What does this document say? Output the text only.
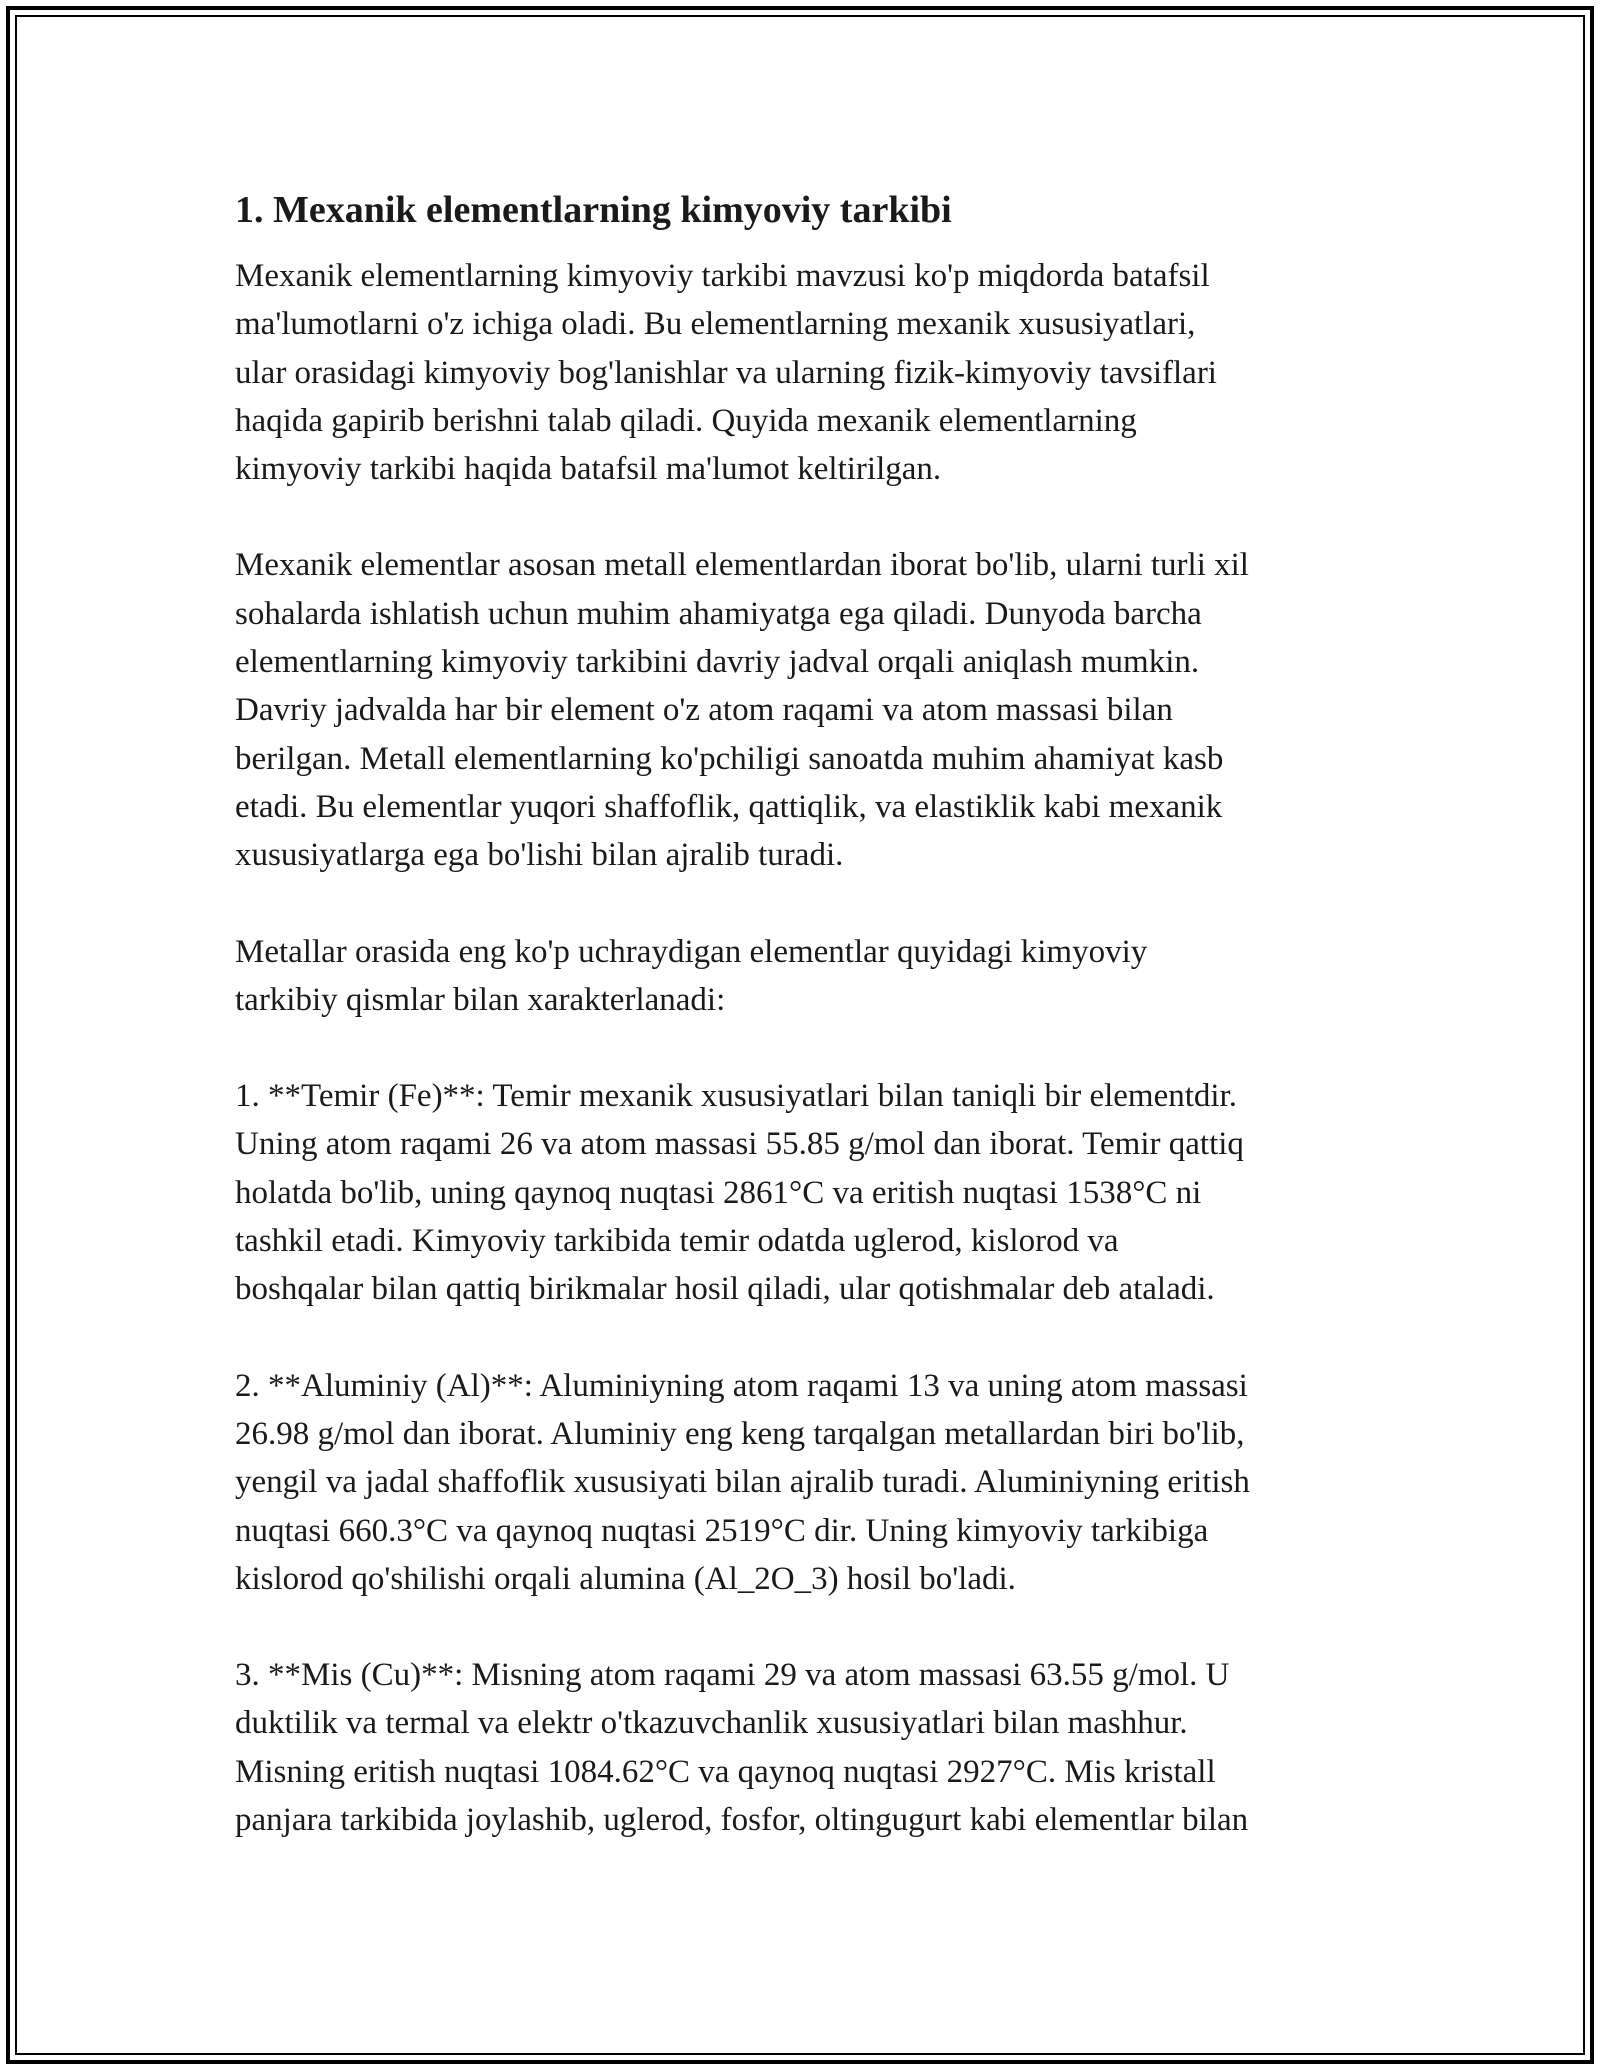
1. Mexanik elementlarning kimyoviy tarkibi
Mexanik elementlarning kimyoviy tarkibi mavzusi ko'p miqdorda batafsil
ma'lumotlarni o'z ichiga oladi. Bu elementlarning mexanik xususiyatlari,
ular orasidagi kimyoviy bog'lanishlar va ularning fizik-kimyoviy tavsiflari
haqida gapirib berishni talab qiladi. Quyida mexanik elementlarning
kimyoviy tarkibi haqida batafsil ma'lumot keltirilgan.
Mexanik elementlar asosan metall elementlardan iborat bo'lib, ularni turli xil
sohalarda ishlatish uchun muhim ahamiyatga ega qiladi. Dunyoda barcha
elementlarning kimyoviy tarkibini davriy jadval orqali aniqlash mumkin.
Davriy jadvalda har bir element o'z atom raqami va atom massasi bilan
berilgan. Metall elementlarning ko'pchiligi sanoatda muhim ahamiyat kasb
etadi. Bu elementlar yuqori shaffoflik, qattiqlik, va elastiklik kabi mexanik
xususiyatlarga ega bo'lishi bilan ajralib turadi.
Metallar orasida eng ko'p uchraydigan elementlar quyidagi kimyoviy
tarkibiy qismlar bilan xarakterlanadi:
1. **Temir (Fe)**: Temir mexanik xususiyatlari bilan taniqli bir elementdir.
Uning atom raqami 26 va atom massasi 55.85 g/mol dan iborat. Temir qattiq
holatda bo'lib, uning qaynoq nuqtasi 2861°C va eritish nuqtasi 1538°C ni
tashkil etadi. Kimyoviy tarkibida temir odatda uglerod, kislorod va
boshqalar bilan qattiq birikmalar hosil qiladi, ular qotishmalar deb ataladi.
2. **Aluminiy (Al)**: Aluminiyning atom raqami 13 va uning atom massasi
26.98 g/mol dan iborat. Aluminiy eng keng tarqalgan metallardan biri bo'lib,
yengil va jadal shaffoflik xususiyati bilan ajralib turadi. Aluminiyning eritish
nuqtasi 660.3°C va qaynoq nuqtasi 2519°C dir. Uning kimyoviy tarkibiga
kislorod qo'shilishi orqali alumina (Al_2O_3) hosil bo'ladi.
3. **Mis (Cu)**: Misning atom raqami 29 va atom massasi 63.55 g/mol. U
duktilik va termal va elektr o'tkazuvchanlik xususiyatlari bilan mashhur.
Misning eritish nuqtasi 1084.62°C va qaynoq nuqtasi 2927°C. Mis kristall
panjara tarkibida joylashib, uglerod, fosfor, oltingugurt kabi elementlar bilan
